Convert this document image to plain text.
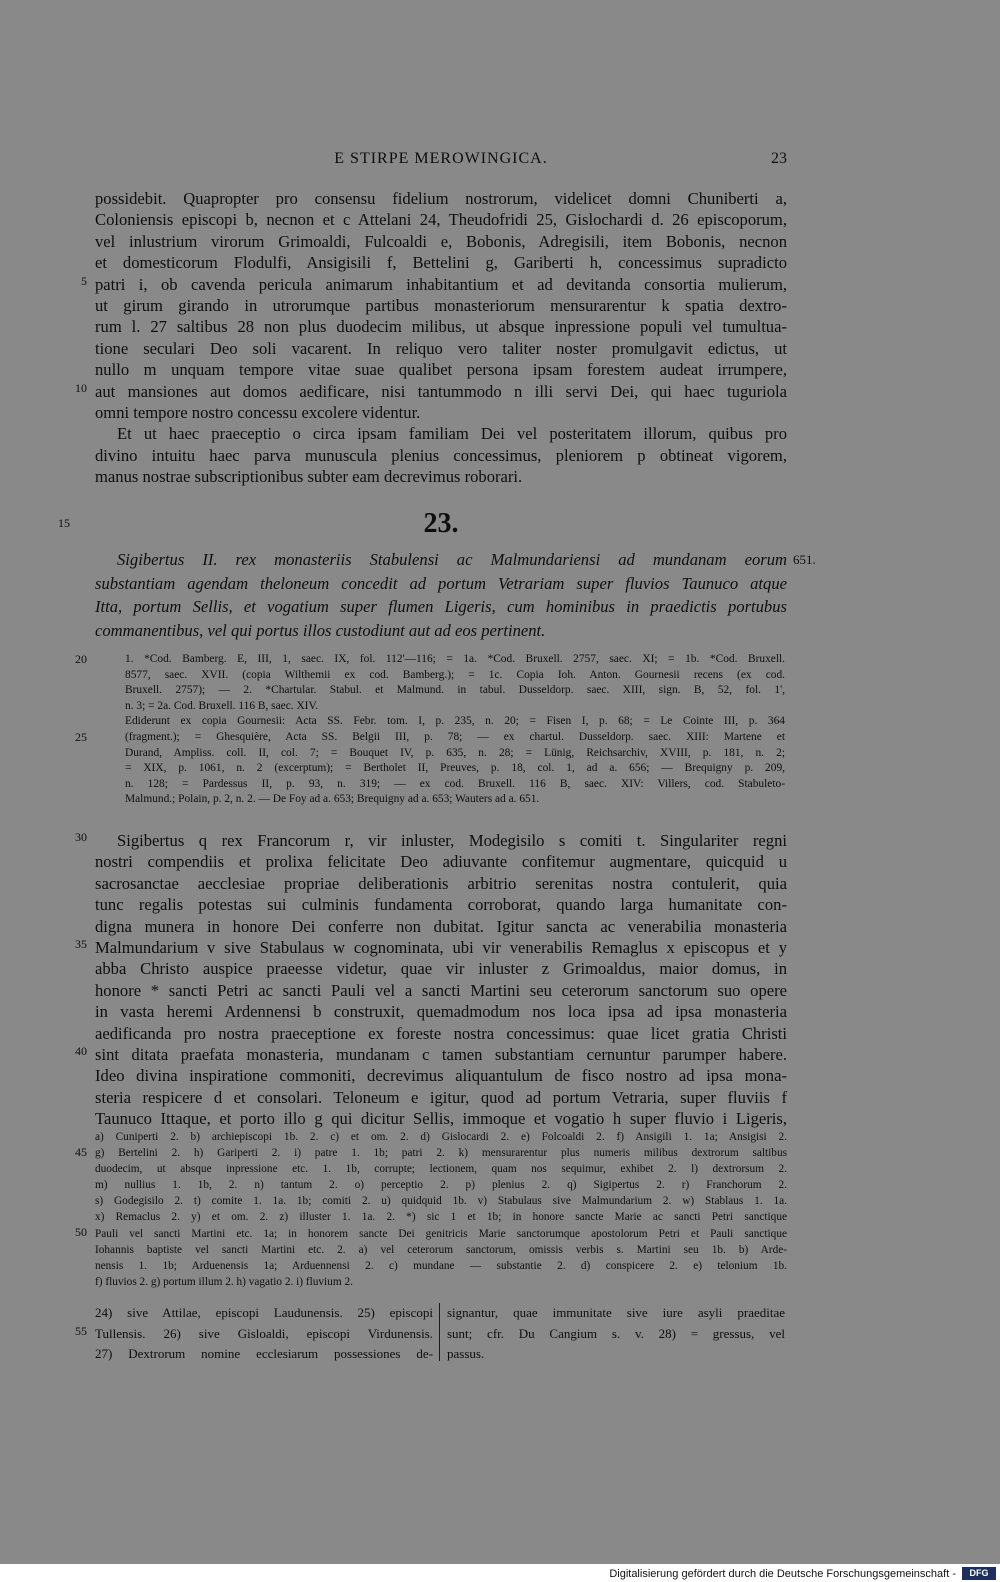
E STIRPE MEROWINGICA.	23
possidebit. Quapropter pro consensu fidelium nostrorum, videlicet domni Chuniberti a,
Coloniensis episcopi b, necnon et c Attelani 24, Theudofridi 25, Gislochardi d. 26 episcoporum,
vel inlustrium virorum Grimoaldi, Fulcoaldi e, Bobonis, Adregisili, item Bobonis, necnon
et domesticorum Flodulfi, Ansigisili f, Bettelini g, Gariberti h, concessimus supradicto
patri i, ob cavenda pericula animarum inhabitantium et ad devitanda consortia mulierum,
ut girum girando in utrorumque partibus monasteriorum mensurarentur k spatia dextro-
rum l. 27 saltibus 28 non plus duodecim milibus, ut absque inpressione populi vel tumultua-
tione seculari Deo soli vacarent. In reliquo vero taliter noster promulgavit edictus, ut
nullo m unquam tempore vitae suae qualibet persona ipsam forestem audeat irrumpere,
aut mansiones aut domos aedificare, nisi tantummodo n illi servi Dei, qui haec tuguriola
omni tempore nostro concessu excolere videntur.
Et ut haec praeceptio o circa ipsam familiam Dei vel posteritatem illorum, quibus pro
divino intuitu haec parva munuscula plenius concessimus, pleniorem p obtineat vigorem,
manus nostrae subscriptionibus subter eam decrevimus roborari.
5
10
15	23.
Sigibertus II. rex monasteriis Stabulensi ac Malmundariensi ad mundanam eorum
substantiam agendam theloneum concedit ad portum Vetrariam super fluvios Taunuco atque
Itta, portum Sellis, et vogatium super flumen Ligeris, cum hominibus in praedictis portubus
commanentibus, vel qui portus illos custodiunt aut ad eos pertinent.
651.
1. *Cod. Bamberg. E, III, 1, saec. IX, fol. 112'—116; = 1a. *Cod. Bruxell. 2757, saec. XI; = 1b. *Cod. Bruxell.
8577, saec. XVII. (copia Wilthemii ex cod. Bamberg.); = 1c. Copia Ioh. Anton. Gournesii recens (ex cod.
Bruxell. 2757); — 2. *Chartular. Stabul. et Malmund. in tabul. Dusseldorp. saec. XIII, sign. B, 52, fol. 1',
n. 3; = 2a. Cod. Bruxell. 116 B, saec. XIV.
Ediderunt ex copia Gournesii: Acta SS. Febr. tom. I, p. 235, n. 20; = Fisen I, p. 68; = Le Cointe III, p. 364
(fragment.); = Ghesquière, Acta SS. Belgii III, p. 78; — ex chartul. Dusseldorp. saec. XIII: Martene et
Durand, Ampliss. coll. II, col. 7; = Bouquet IV, p. 635, n. 28; = Lünig, Reichsarchiv, XVIII, p. 181, n. 2;
= XIX, p. 1061, n. 2 (excerptum); = Bertholet II, Preuves, p. 18, col. 1, ad a. 656; — Brequigny p. 209,
n. 128; = Pardessus II, p. 93, n. 319; — ex cod. Bruxell. 116 B, saec. XIV: Villers, cod. Stabuleto-
Malmund.; Polain, p. 2, n. 2. — De Foy ad a. 653; Brequigny ad a. 653; Wauters ad a. 651.
20
25
Sigibertus q rex Francorum r, vir inluster, Modegisilo s comiti t. Singulariter regni
nostri compendiis et prolixa felicitate Deo adiuvante confitemur augmentare, quicquid u
sacrosanctae aecclesiae propriae deliberationis arbitrio serenitas nostra contulerit, quia
tunc regalis potestas sui culminis fundamenta corroborat, quando larga humanitate con-
digna munera in honore Dei conferre non dubitat. Igitur sancta ac venerabilia monasteria
Malmundarium v sive Stabulaus w cognominata, ubi vir venerabilis Remaglus x episcopus et y
abba Christo auspice praeesse videtur, quae vir inluster z Grimoaldus, maior domus, in
honore * sancti Petri ac sancti Pauli vel a sancti Martini seu ceterorum sanctorum suo opere
in vasta heremi Ardennensi b construxit, quemadmodum nos loca ipsa ad ipsa monasteria
aedificanda pro nostra praeceptione ex foreste nostra concessimus: quae licet gratia Christi
sint ditata praefata monasteria, mundanam c tamen substantiam cernuntur parumper habere.
Ideo divina inspiratione commoniti, decrevimus aliquantulum de fisco nostro ad ipsa mona-
steria respicere d et consolari. Teloneum e igitur, quod ad portum Vetraria, super fluviis f
Taunuco Ittaque, et porto illo g qui dicitur Sellis, immoque et vogatio h super fluvio i Ligeris,
30
35
40
a) Cuniperti 2. b) archiepiscopi 1b. 2. c) et om. 2. d) Gislocardi 2. e) Folcoaldi 2. f) Ansigili 1. 1a; Ansigisi 2.
g) Bertelini 2. h) Gariperti 2. i) patre 1. 1b; patri 2. k) mensurarentur plus numeris milibus dextrorum saltibus
duodecim, ut absque inpressione etc. 1. 1b, corrupte; lectionem, quam nos sequimur, exhibet 2. l) dextrorsum 2.
m) nullius 1. 1b, 2. n) tantum 2. o) perceptio 2. p) plenius 2. q) Sigipertus 2. r) Franchorum 2.
s) Godegisilo 2. t) comite 1. 1a. 1b; comiti 2. u) quidquid 1b. v) Stabulaus sive Malmundarium 2. w) Stablaus 1. 1a.
x) Remaclus 2. y) et om. 2. z) illuster 1. 1a. 2. *) sic 1 et 1b; in honore sancte Marie ac sancti Petri sanctique
Pauli vel sancti Martini etc. 1a; in honorem sancte Dei genitricis Marie sanctorumque apostolorum Petri et Pauli sanctique
Iohannis baptiste vel sancti Martini etc. 2. a) vel ceterorum sanctorum, omissis verbis s. Martini seu 1b. b) Arde-
nensis 1. 1b; Arduenensis 1a; Arduennensi 2. c) mundane — substantie 2. d) conspicere 2. e) telonium 1b.
f) fluvios 2. g) portum illum 2. h) vagatio 2. i) fluvium 2.
45
50
24) sive Attilae, episcopi Laudunensis. 25) episcopi
Tullensis. 26) sive Gisloaldi, episcopi Virdunensis.
27) Dextrorum nomine ecclesiarum possessiones de-
signantur, quae immunitate sive iure asyli praeditae
sunt; cfr. Du Cangium s. v. 28) = gressus, vel
passus.
55
Digitalisierung gefördert durch die Deutsche Forschungsgemeinschaft -	DFG
